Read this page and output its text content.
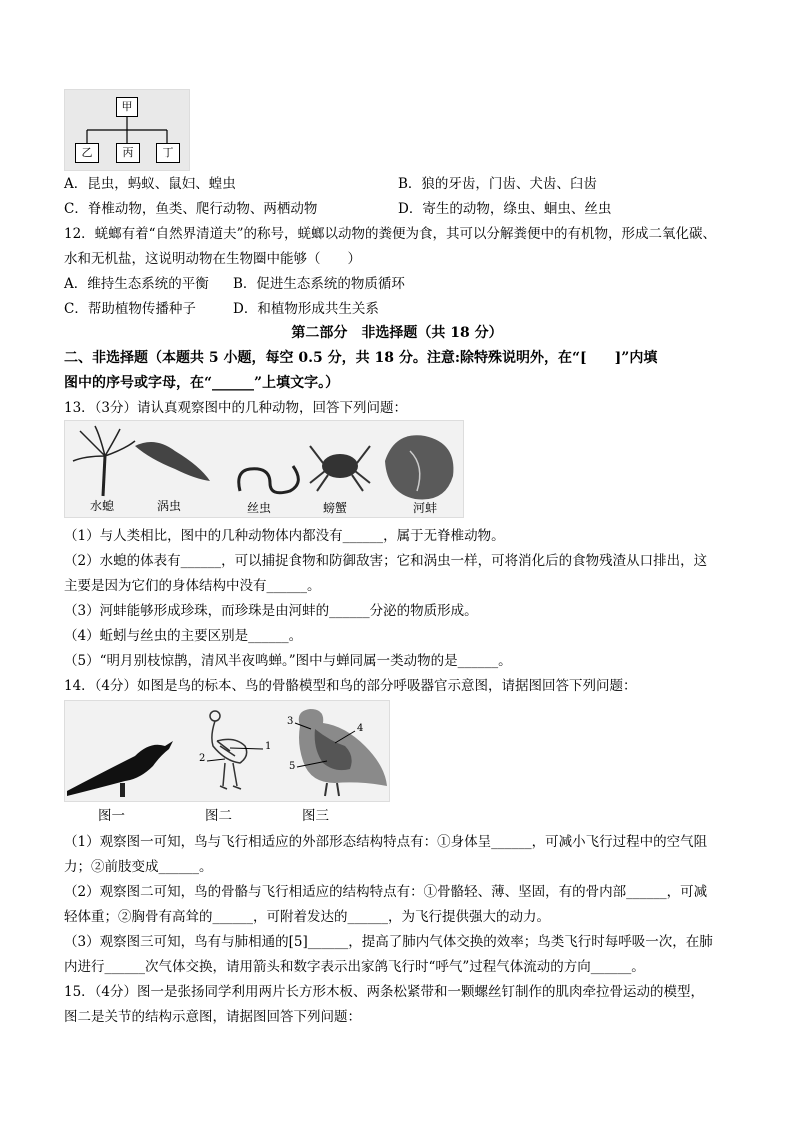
甲
乙	丙	丁
A．昆虫，蚂蚁、鼠妇、蝗虫	B．狼的牙齿，门齿、犬齿、臼齿
C．脊椎动物，鱼类、爬行动物、两栖动物	D．寄生的动物，绦虫、蛔虫、丝虫
12．蜣螂有着“自然界清道夫”的称号，蜣螂以动物的粪便为食，其可以分解粪便中的有机物，形成二氧化碳、
水和无机盐，这说明动物在生物圈中能够（　　）
A．维持生态系统的平衡 B．促进生态系统的物质循环
C．帮助植物传播种子	D．和植物形成共生关系
第二部分　非选择题（共 18 分）
二、非选择题（本题共 5 小题，每空 0.5 分，共 18 分。注意:除特殊说明外，在“[　　]”内填
图中的序号或字母，在“______”上填文字。）
13．（3分）请认真观察图中的几种动物，回答下列问题：
水螅	涡虫	丝虫	螃蟹	河蚌
（1）与人类相比，图中的几种动物体内都没有______，属于无脊椎动物。
（2）水螅的体表有______，可以捕捉食物和防御敌害；它和涡虫一样，可将消化后的食物残渣从口排出，这
主要是因为它们的身体结构中没有______。
（3）河蚌能够形成珍珠，而珍珠是由河蚌的______分泌的物质形成。
（4）蚯蚓与丝虫的主要区别是______。
（5）“明月别枝惊鹊，清风半夜鸣蝉。”图中与蝉同属一类动物的是______。
14．（4分）如图是鸟的标本、鸟的骨骼模型和鸟的部分呼吸器官示意图，请据图回答下列问题：
1
2
3
4
5
图一	图二	图三
（1）观察图一可知，鸟与飞行相适应的外部形态结构特点有：①身体呈______，可减小飞行过程中的空气阻
力；②前肢变成______。
（2）观察图二可知，鸟的骨骼与飞行相适应的结构特点有：①骨骼轻、薄、坚固，有的骨内部______，可减
轻体重；②胸骨有高耸的______，可附着发达的______，为飞行提供强大的动力。
（3）观察图三可知，鸟有与肺相通的[5]______，提高了肺内气体交换的效率；鸟类飞行时每呼吸一次，在肺
内进行______次气体交换，请用箭头和数字表示出家鸽飞行时“呼气”过程气体流动的方向______。
15．（4分）图一是张扬同学利用两片长方形木板、两条松紧带和一颗螺丝钉制作的肌肉牵拉骨运动的模型，
图二是关节的结构示意图，请据图回答下列问题：
